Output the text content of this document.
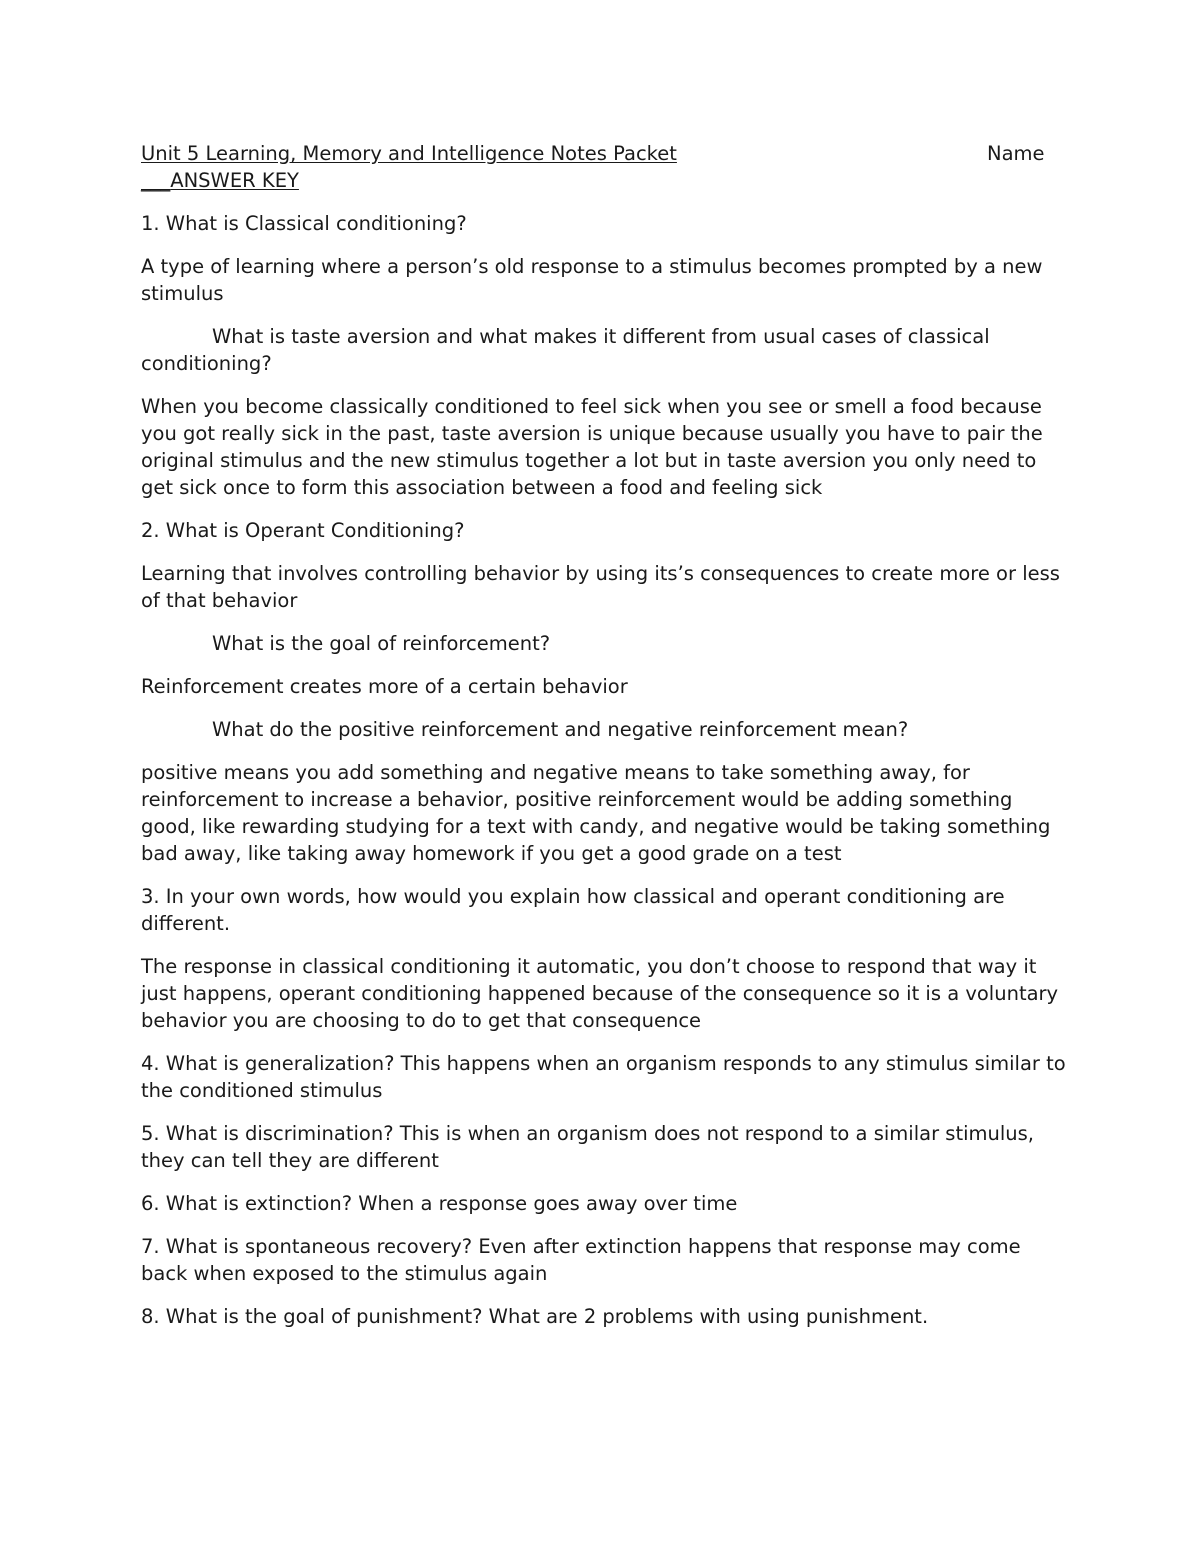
Unit 5 Learning, Memory and Intelligence Notes Packet	Name
___ANSWER KEY

1. What is Classical conditioning?

A type of learning where a person’s old response to a stimulus becomes prompted by a new stimulus

What is taste aversion and what makes it different from usual cases of classical conditioning?

When you become classically conditioned to feel sick when you see or smell a food because you got really sick in the past, taste aversion is unique because usually you have to pair the original stimulus and the new stimulus together a lot but in taste aversion you only need to get sick once to form this association between a food and feeling sick

2. What is Operant Conditioning?

Learning that involves controlling behavior by using its’s consequences to create more or less of that behavior

What is the goal of reinforcement?

Reinforcement creates more of a certain behavior

What do the positive reinforcement and negative reinforcement mean?

positive means you add something and negative means to take something away, for reinforcement to increase a behavior, positive reinforcement would be adding something good, like rewarding studying for a text with candy, and negative would be taking something bad away, like taking away homework if you get a good grade on a test

3. In your own words, how would you explain how classical and operant conditioning are different.

The response in classical conditioning it automatic, you don’t choose to respond that way it just happens, operant conditioning happened because of the consequence so it is a voluntary behavior you are choosing to do to get that consequence

4. What is generalization? This happens when an organism responds to any stimulus similar to the conditioned stimulus

5. What is discrimination? This is when an organism does not respond to a similar stimulus, they can tell they are different

6. What is extinction? When a response goes away over time

7. What is spontaneous recovery? Even after extinction happens that response may come back when exposed to the stimulus again

8. What is the goal of punishment? What are 2 problems with using punishment.
